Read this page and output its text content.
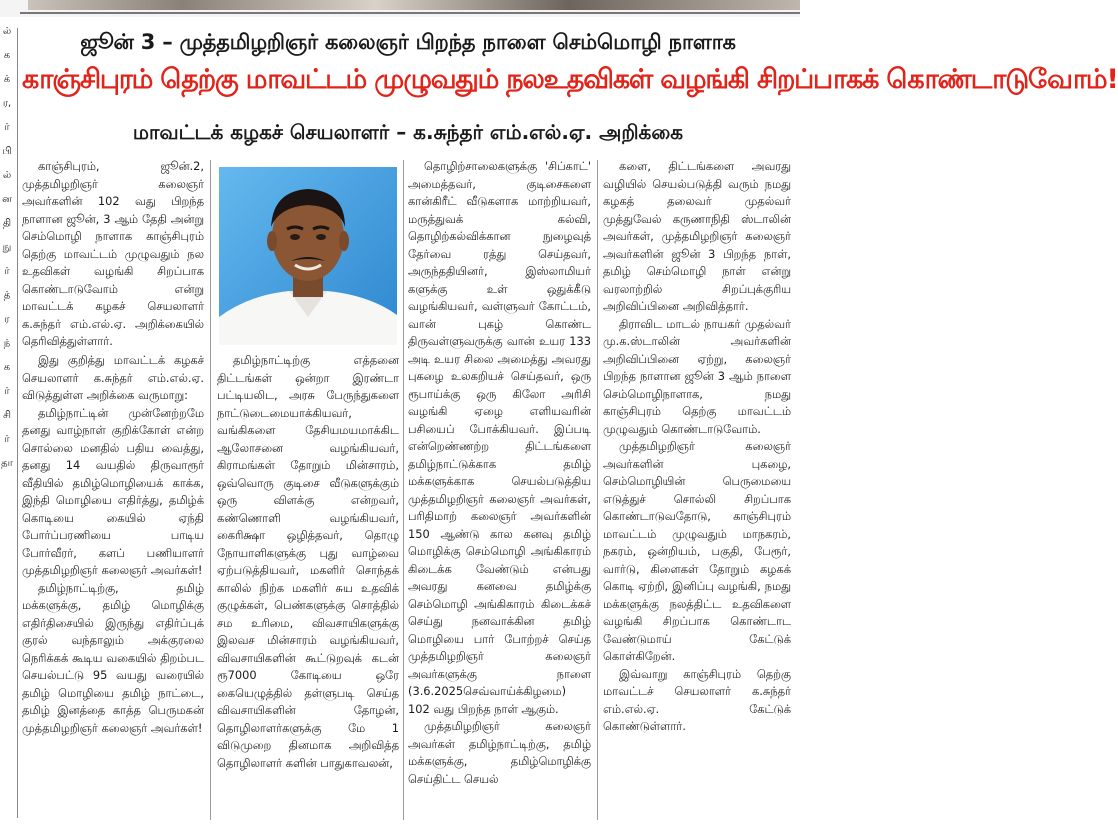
ல்
க
க்
ர,
ர்
பி
ல்
ன
தி
நு
ர்
த்
ர
ந்
க
ர்
சி
ர்
தா
ஜூன் 3 – முத்தமிழறிஞர் கலைஞர் பிறந்த நாளை செம்மொழி நாளாக
காஞ்சிபுரம் தெற்கு மாவட்டம் முழுவதும் நலஉதவிகள் வழங்கி சிறப்பாகக் கொண்டாடுவோம்!
மாவட்டக் கழகச் செயலாளர் – க.சுந்தர் எம்.எல்.ஏ. அறிக்கை

காஞ்சிபுரம், ஜூன்.2, முத்தமிழறிஞர் கலைஞர் அவர்களின் 102 வது பிறந்த நாளான ஜூன், 3 ஆம் தேதி அன்று செம்மொழி நாளாக காஞ்சிபுரம் தெற்கு மாவட்டம் முழுவதும் நல உதவிகள் வழங்கி சிறப்பாக கொண்டாடுவோம் என்று மாவட்டக் கழகச் செயலாளர் க.சுந்தர் எம்.எல்.ஏ. அறிக்கையில் தெரிவித்துள்ளார்.

இது குறித்து மாவட்டக் கழகச் செயலாளர் க.சுந்தர் எம்.எல்.ஏ. விடுத்துள்ள அறிக்கை வருமாறு:

தமிழ்நாட்டின் முன்னேற்றமே தனது வாழ்நாள் குறிக்கோள் என்ற சொல்லை மனதில் பதிய வைத்து, தனது 14 வயதில் திருவாரூர் வீதியில் தமிழ்மொழியைக் காக்க, இந்தி மொழியை எதிர்த்து, தமிழ்க் கொடியை கையில் ஏந்தி போர்ப்பரணியை பாடிய போர்வீரர், களப் பணியாளர் முத்தமிழறிஞர் கலைஞர் அவர்கள்!

தமிழ்நாட்டிற்கு, தமிழ் மக்களுக்கு, தமிழ் மொழிக்கு எதிர்திசையில் இருந்து எதிர்ப்புக் குரல் வந்தாலும் அக்குரலை நெரிக்கக் கூடிய வகையில் திறம்பட செயல்பட்டு 95 வயது வரையில் தமிழ் மொழியை தமிழ் நாட்டை, தமிழ் இனத்தை காத்த பெருமகன் முத்தமிழறிஞர் கலைஞர் அவர்கள்!

தமிழ்நாட்டிற்கு எத்தனை திட்டங்கள் ஒன்றா இரண்டா பட்டியலிட, அரசு பேருந்துகளை நாட்டுடைமையாக்கியவர், வங்கிகளை தேசியமயமாக்கிட ஆலோசனை வழங்கியவர், கிராமங்கள் தோறும் மின்சாரம், ஒவ்வொரு குடிசை வீடுகளுக்கும் ஒரு விளக்கு என்றவர், கண்ணொளி வழங்கியவர், கைரிக்ஷா ஒழித்தவர், தொழு நோயாளிகளுக்கு புது வாழ்வை ஏற்படுத்தியவர், மகளிர் சொந்தக் காலில் நிற்க மகளிர் சுய உதவிக் குழுக்கள், பெண்களுக்கு சொத்தில் சம உரிமை, விவசாயிகளுக்கு இலவச மின்சாரம் வழங்கியவர், விவசாயிகளின் கூட்டுறவுக் கடன் ரூ7000 கோடியை ஒரே கையெழுத்தில் தள்ளுபடி செய்த விவசாயிகளின் தோழன், தொழிலாளர்களுக்கு மே 1 விடுமுறை தினமாக அறிவித்த தொழிலாளர் களின் பாதுகாவலன்,

தொழிற்சாலைகளுக்கு 'சிப்காட்' அமைத்தவர், குடிசைகளை கான்கிரீட் வீடுகளாக மாற்றியவர், மருத்துவக் கல்வி, தொழிற்கல்விக்கான நுழைவுத் தேர்வை ரத்து செய்தவர், அருந்ததியினர், இஸ்லாமியர் களுக்கு உள் ஒதுக்கீடு வழங்கியவர், வள்ளுவர் கோட்டம், வான் புகழ் கொண்ட திருவள்ளுவருக்கு வான் உயர 133 அடி உயர சிலை அமைத்து அவரது புகழை உலகறியச் செய்தவர், ஒரு ரூபாய்க்கு ஒரு கிலோ அரிசி வழங்கி ஏழை எளியவரின் பசியைப் போக்கியவர். இப்படி என்றெண்ணற்ற திட்டங்களை தமிழ்நாட்டுக்காக தமிழ் மக்களுக்காக செயல்படுத்திய முத்தமிழறிஞர் கலைஞர் அவர்கள், பரிதிமாற் கலைஞர் அவர்களின் 150 ஆண்டு கால கனவு தமிழ் மொழிக்கு செம்மொழி அங்கிகாரம் கிடைக்க வேண்டும் என்பது அவரது கனவை தமிழ்க்கு செம்மொழி அங்கிகாரம் கிடைக்கச் செய்து நனவாக்கின தமிழ் மொழியை பார் போற்றச் செய்த முத்தமிழறிஞர் கலைஞர் அவர்களுக்கு நாளை (3.6.2025செவ்வாய்க்கிழமை) 102 வது பிறந்த நாள் ஆகும்.

முத்தமிழறிஞர் கலைஞர் அவர்கள் தமிழ்நாட்டிற்கு, தமிழ் மக்களுக்கு, தமிழ்மொழிக்கு செய்திட்ட செயல்

களை, திட்டங்களை அவரது வழியில் செயல்படுத்தி வரும் நமது கழகத் தலைவர் முதல்வர் முத்துவேல் கருணாநிதி ஸ்டாலின் அவர்கள், முத்தமிழறிஞர் கலைஞர் அவர்களின் ஜூன் 3 பிறந்த நாள், தமிழ் செம்மொழி நாள் என்று வரலாற்றில் சிறப்புக்குரிய அறிவிப்பினை அறிவித்தார்.

திராவிட மாடல் நாயகர் முதல்வர் மு.க.ஸ்டாலின் அவர்களின் அறிவிப்பினை ஏற்று, கலைஞர் பிறந்த நாளான ஜூன் 3 ஆம் நாளை செம்மொழிநாளாக, நமது காஞ்சிபுரம் தெற்கு மாவட்டம் முழுவதும் கொண்டாடுவோம்.

முத்தமிழறிஞர் கலைஞர் அவர்களின் புகழை, செம்மொழியின் பெருமையை எடுத்துச் சொல்லி சிறப்பாக கொண்டாடுவதோடு, காஞ்சிபுரம் மாவட்டம் முழுவதும் மாநகரம், நகரம், ஒன்றியம், பகுதி, பேரூர், வார்டு, கிளைகள் தோறும் கழகக் கொடி ஏற்றி, இனிப்பு வழங்கி, நமது மக்களுக்கு நலத்திட்ட உதவிகளை வழங்கி சிறப்பாக கொண்டாட வேண்டுமாய் கேட்டுக் கொள்கிறேன்.

இவ்வாறு காஞ்சிபுரம் தெற்கு மாவட்டச் செயலாளர் க.சுந்தர் எம்.எல்.ஏ. கேட்டுக் கொண்டுள்ளார்.
